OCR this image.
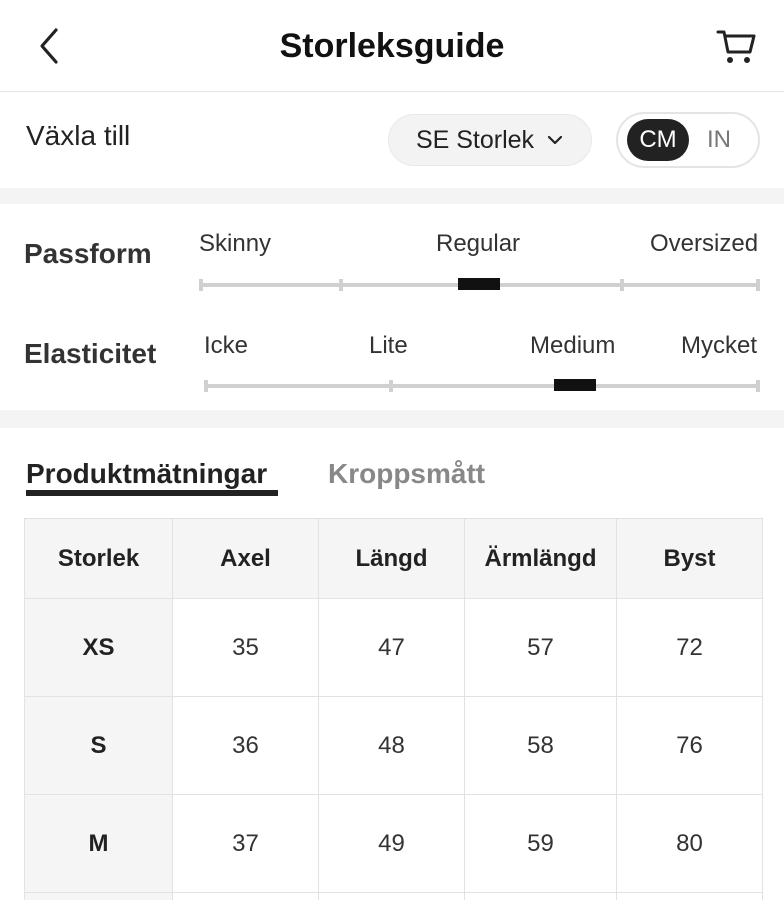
Storleksguide
Växla till	SE Storlek	CM	IN
Passform Skinny	Regular	Oversized
Elasticitet Icke	Lite	Medium	Mycket
Produktmätningar Kroppsmått
Storlek	Axel	Längd	Ärmlängd	Byst
XS	35	47	57	72
S	36	48	58	76
M	37	49	59	80
